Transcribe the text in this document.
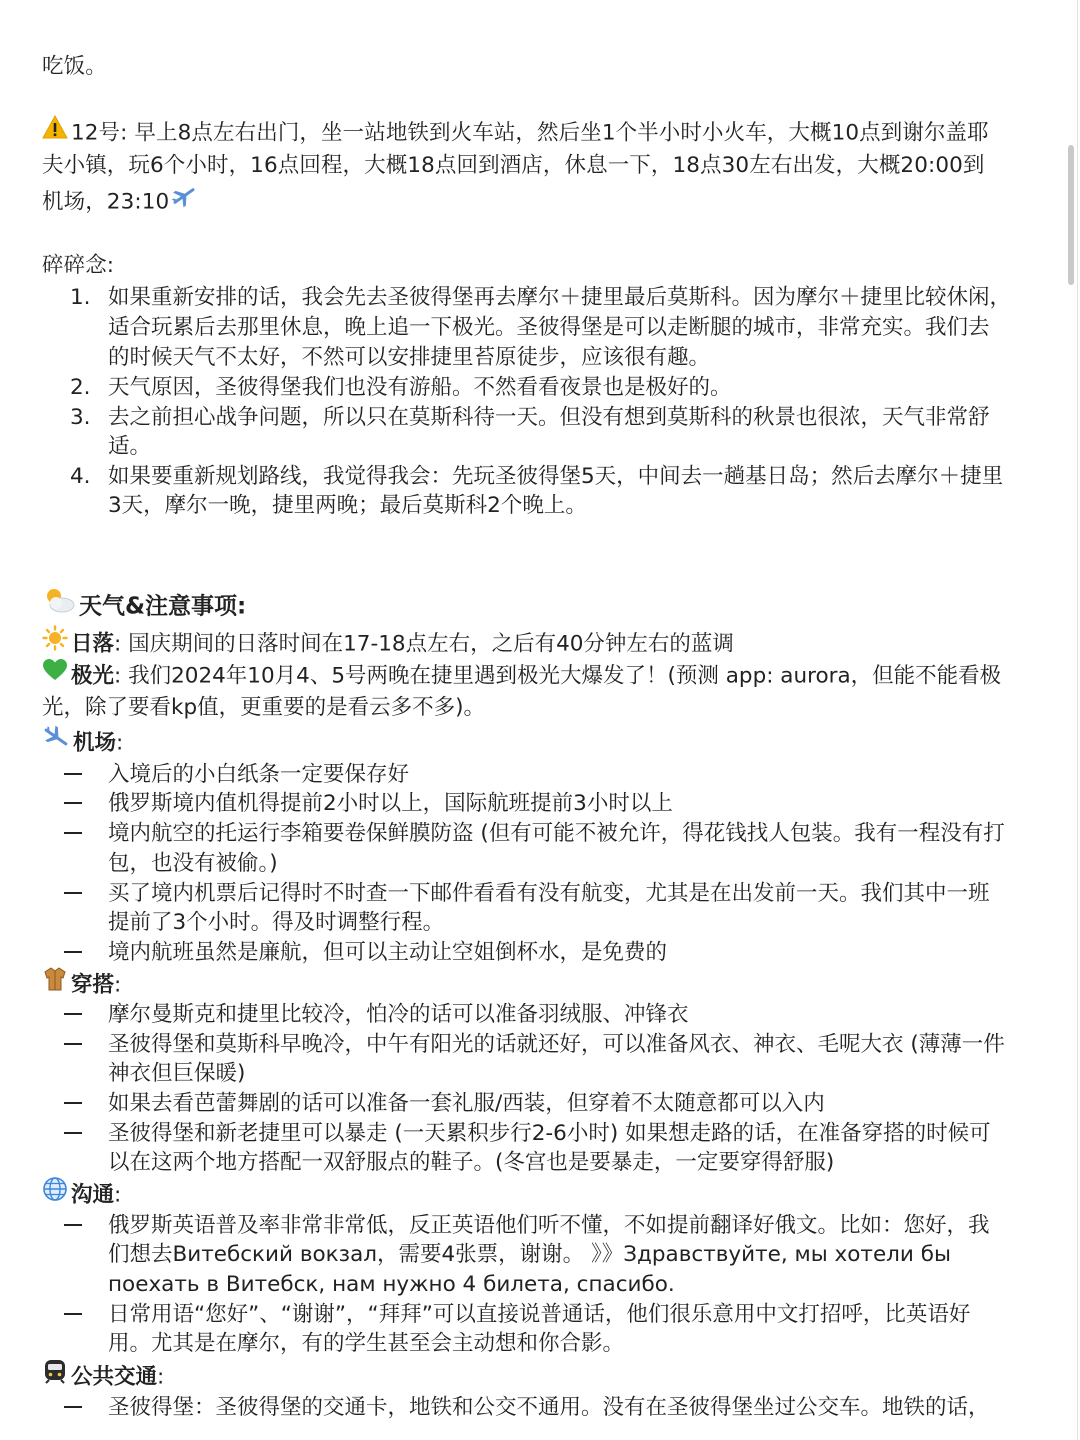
吃饭。
12号: 早上8点左右出门，坐一站地铁到火车站，然后坐1个半小时小火车，大概10点到谢尔盖耶
夫小镇，玩6个小时，16点回程，大概18点回到酒店，休息一下，18点30左右出发，大概20:00到
机场，23:10
碎碎念:
1. 如果重新安排的话，我会先去圣彼得堡再去摩尔＋捷里最后莫斯科。因为摩尔＋捷里比较休闲，
适合玩累后去那里休息，晚上追一下极光。圣彼得堡是可以走断腿的城市，非常充实。我们去
的时候天气不太好，不然可以安排捷里苔原徒步，应该很有趣。
2. 天气原因，圣彼得堡我们也没有游船。不然看看夜景也是极好的。
3. 去之前担心战争问题，所以只在莫斯科待一天。但没有想到莫斯科的秋景也很浓，天气非常舒
适。
4. 如果要重新规划路线，我觉得我会：先玩圣彼得堡5天，中间去一趟基日岛；然后去摩尔＋捷里
3天，摩尔一晚，捷里两晚；最后莫斯科2个晚上。
天气&注意事项:
日落: 国庆期间的日落时间在17-18点左右，之后有40分钟左右的蓝调
极光: 我们2024年10月4、5号两晚在捷里遇到极光大爆发了！(预测 app: aurora，但能不能看极
光，除了要看kp值，更重要的是看云多不多)。
机场:
入境后的小白纸条一定要保存好
俄罗斯境内值机得提前2小时以上，国际航班提前3小时以上
境内航空的托运行李箱要卷保鲜膜防盗 (但有可能不被允许，得花钱找人包装。我有一程没有打
包，也没有被偷。)
买了境内机票后记得时不时查一下邮件看看有没有航变，尤其是在出发前一天。我们其中一班
提前了3个小时。得及时调整行程。
境内航班虽然是廉航，但可以主动让空姐倒杯水，是免费的
穿搭:
摩尔曼斯克和捷里比较冷，怕冷的话可以准备羽绒服、冲锋衣
圣彼得堡和莫斯科早晚冷，中午有阳光的话就还好，可以准备风衣、神衣、毛呢大衣 (薄薄一件
神衣但巨保暖)
如果去看芭蕾舞剧的话可以准备一套礼服/西装，但穿着不太随意都可以入内
圣彼得堡和新老捷里可以暴走 (一天累积步行2-6小时) 如果想走路的话，在准备穿搭的时候可
以在这两个地方搭配一双舒服点的鞋子。(冬宫也是要暴走，一定要穿得舒服)
沟通:
俄罗斯英语普及率非常非常低，反正英语他们听不懂，不如提前翻译好俄文。比如：您好，我
们想去Витебский вокзал，需要4张票，谢谢。 》》Здравствуйте, мы хотели бы
поехать в Витебск, нам нужно 4 билета, спасибо.
日常用语“您好”、“谢谢”，“拜拜”可以直接说普通话，他们很乐意用中文打招呼，比英语好
用。尤其是在摩尔，有的学生甚至会主动想和你合影。
公共交通:
圣彼得堡：圣彼得堡的交通卡，地铁和公交不通用。没有在圣彼得堡坐过公交车。地铁的话，
